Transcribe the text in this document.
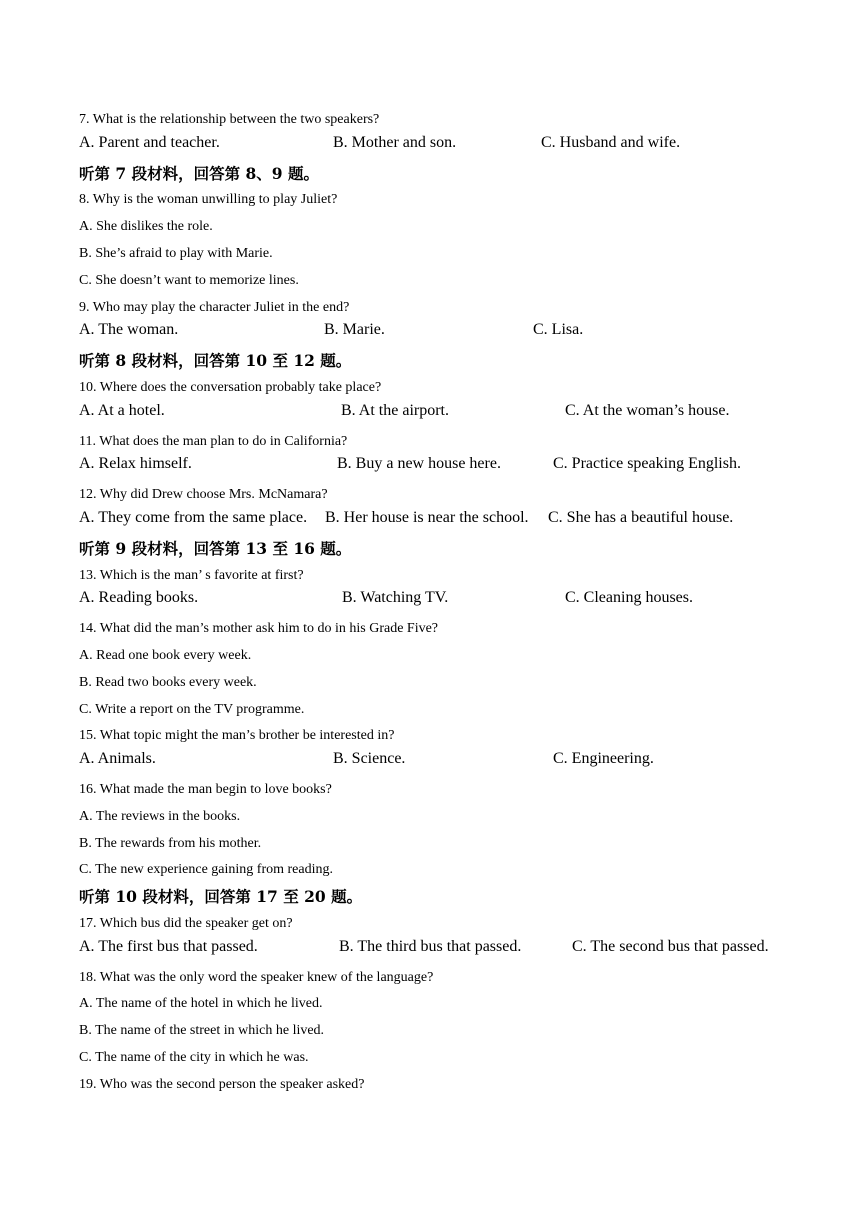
7. What is the relationship between the two speakers?
A. Parent and teacher.	B. Mother and son.	C. Husband and wife.
听第 7 段材料，回答第 8、9 题。
8. Why is the woman unwilling to play Juliet?
A. She dislikes the role.
B. She’s afraid to play with Marie.
C. She doesn’t want to memorize lines.
9. Who may play the character Juliet in the end?
A. The woman.	B. Marie.	C. Lisa.
听第 8 段材料，回答第 10 至 12 题。
10. Where does the conversation probably take place?
A. At a hotel.	B. At the airport.	C. At the woman’s house.
11. What does the man plan to do in California?
A. Relax himself.	B. Buy a new house here.	C. Practice speaking English.
12. Why did Drew choose Mrs. McNamara?
A. They come from the same place. B. Her house is near the school. C. She has a beautiful house.
听第 9 段材料，回答第 13 至 16 题。
13. Which is the man’ s favorite at first?
A. Reading books.	B. Watching TV.	C. Cleaning houses.
14. What did the man’s mother ask him to do in his Grade Five?
A. Read one book every week.
B. Read two books every week.
C. Write a report on the TV programme.
15. What topic might the man’s brother be interested in?
A. Animals.	B. Science.	C. Engineering.
16. What made the man begin to love books?
A. The reviews in the books.
B. The rewards from his mother.
C. The new experience gaining from reading.
听第 10 段材料，回答第 17 至 20 题。
17. Which bus did the speaker get on?
A. The first bus that passed.	B. The third bus that passed.	C. The second bus that passed.
18. What was the only word the speaker knew of the language?
A. The name of the hotel in which he lived.
B. The name of the street in which he lived.
C. The name of the city in which he was.
19. Who was the second person the speaker asked?
